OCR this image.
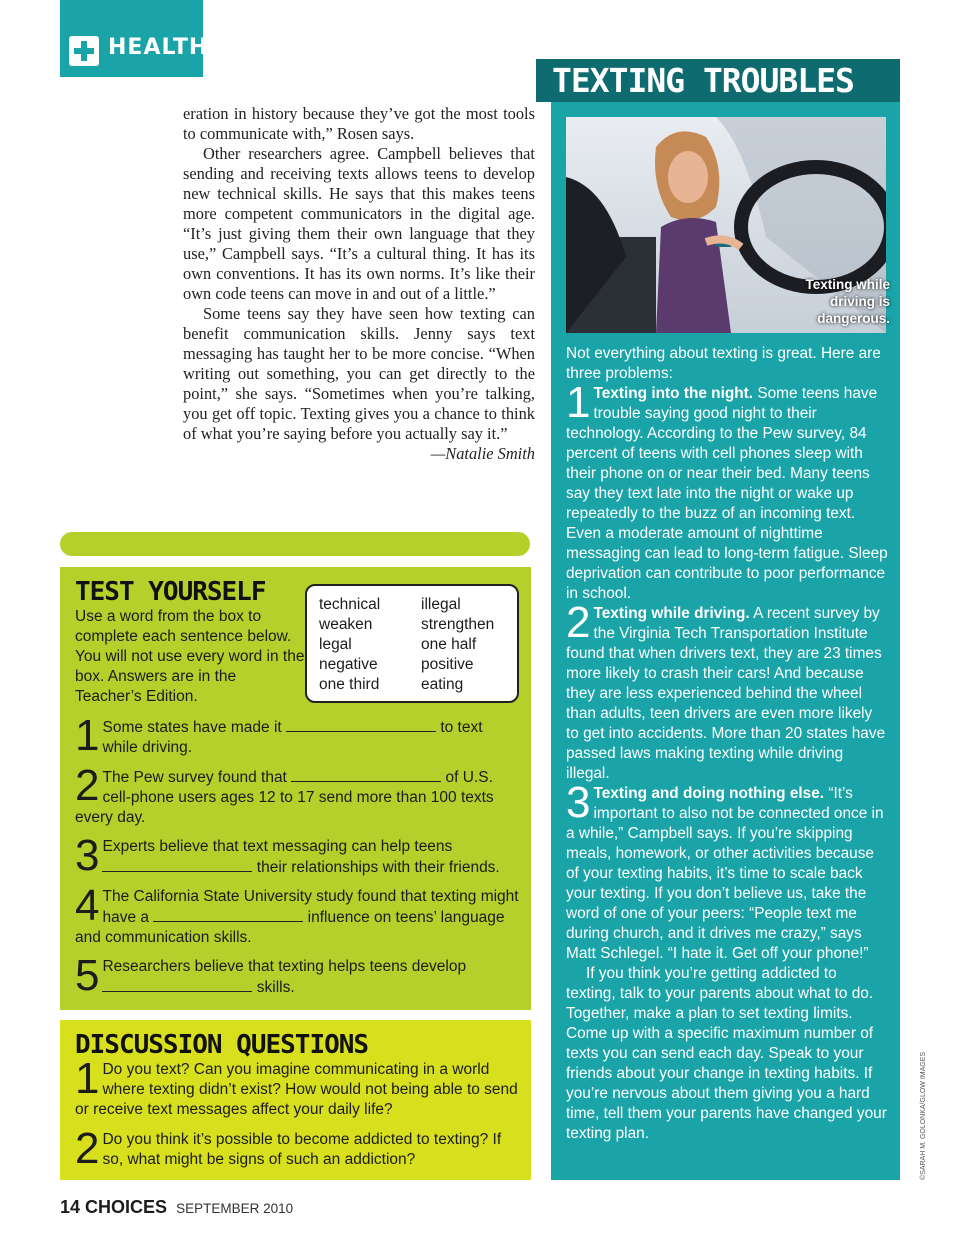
HEALTH

eration in history because they’ve got the most tools to communicate with,” Rosen says.

Other researchers agree. Campbell believes that sending and receiving texts allows teens to develop new technical skills. He says that this makes teens more competent communicators in the digital age. “It’s just giving them their own language that they use,” Campbell says. “It’s a cultural thing. It has its own conventions. It has its own norms. It’s like their own code teens can move in and out of a little.”

Some teens say they have seen how texting can benefit communication skills. Jenny says text messaging has taught her to be more concise. “When writing out something, you can get directly to the point,” she says. “Sometimes when you’re talking, you get off topic. Texting gives you a chance to think of what you’re saying before you actually say it.”

—Natalie Smith

TEST YOURSELF
Use a word from the box to complete each sentence below. You will not use every word in the box. Answers are in the Teacher’s Edition.
technical	illegal
weaken	strengthen
legal	one half
negative	positive
one third	eating
1 Some states have made it	to text while driving.
2 The Pew survey found that	of U.S. cell-phone users ages 12 to 17 send more than 100 texts every day.
3 Experts believe that text messaging can help teens  their relationships with their friends.
4 The California State University study found that texting might have a	influence on teens’ language and communication skills.
5 Researchers believe that texting helps teens develop  skills.
DISCUSSION QUESTIONS
1 Do you text? Can you imagine communicating in a world where texting didn’t exist? How would not being able to send or receive text messages affect your daily life?
2 Do you think it’s possible to become addicted to texting? If so, what might be signs of such an addiction?
TEXTING TROUBLES
Texting while driving is dangerous.

Not everything about texting is great. Here are three problems:

1 Texting into the night. Some teens have trouble saying good night to their technology. According to the Pew survey, 84 percent of teens with cell phones sleep with their phone on or near their bed. Many teens say they text late into the night or wake up repeatedly to the buzz of an incoming text. Even a moderate amount of nighttime messaging can lead to long-term fatigue. Sleep deprivation can contribute to poor performance in school.

2 Texting while driving. A recent survey by the Virginia Tech Transportation Institute found that when drivers text, they are 23 times more likely to crash their cars! And because they are less experienced behind the wheel than adults, teen drivers are even more likely to get into accidents. More than 20 states have passed laws making texting while driving illegal.

3 Texting and doing nothing else. “It’s important to also not be connected once in a while,” Campbell says. If you’re skipping meals, homework, or other activities because of your texting habits, it’s time to scale back your texting. If you don’t believe us, take the word of one of your peers: “People text me during church, and it drives me crazy,” says Matt Schlegel. “I hate it. Get off your phone!”

If you think you’re getting addicted to texting, talk to your parents about what to do. Together, make a plan to set texting limits. Come up with a specific maximum number of texts you can send each day. Speak to your friends about your change in texting habits. If you’re nervous about them giving you a hard time, tell them your parents have changed your texting plan.

14 CHOICES SEPTEMBER 2010
©SARAH M. GOLONKA/GLOW IMAGES
